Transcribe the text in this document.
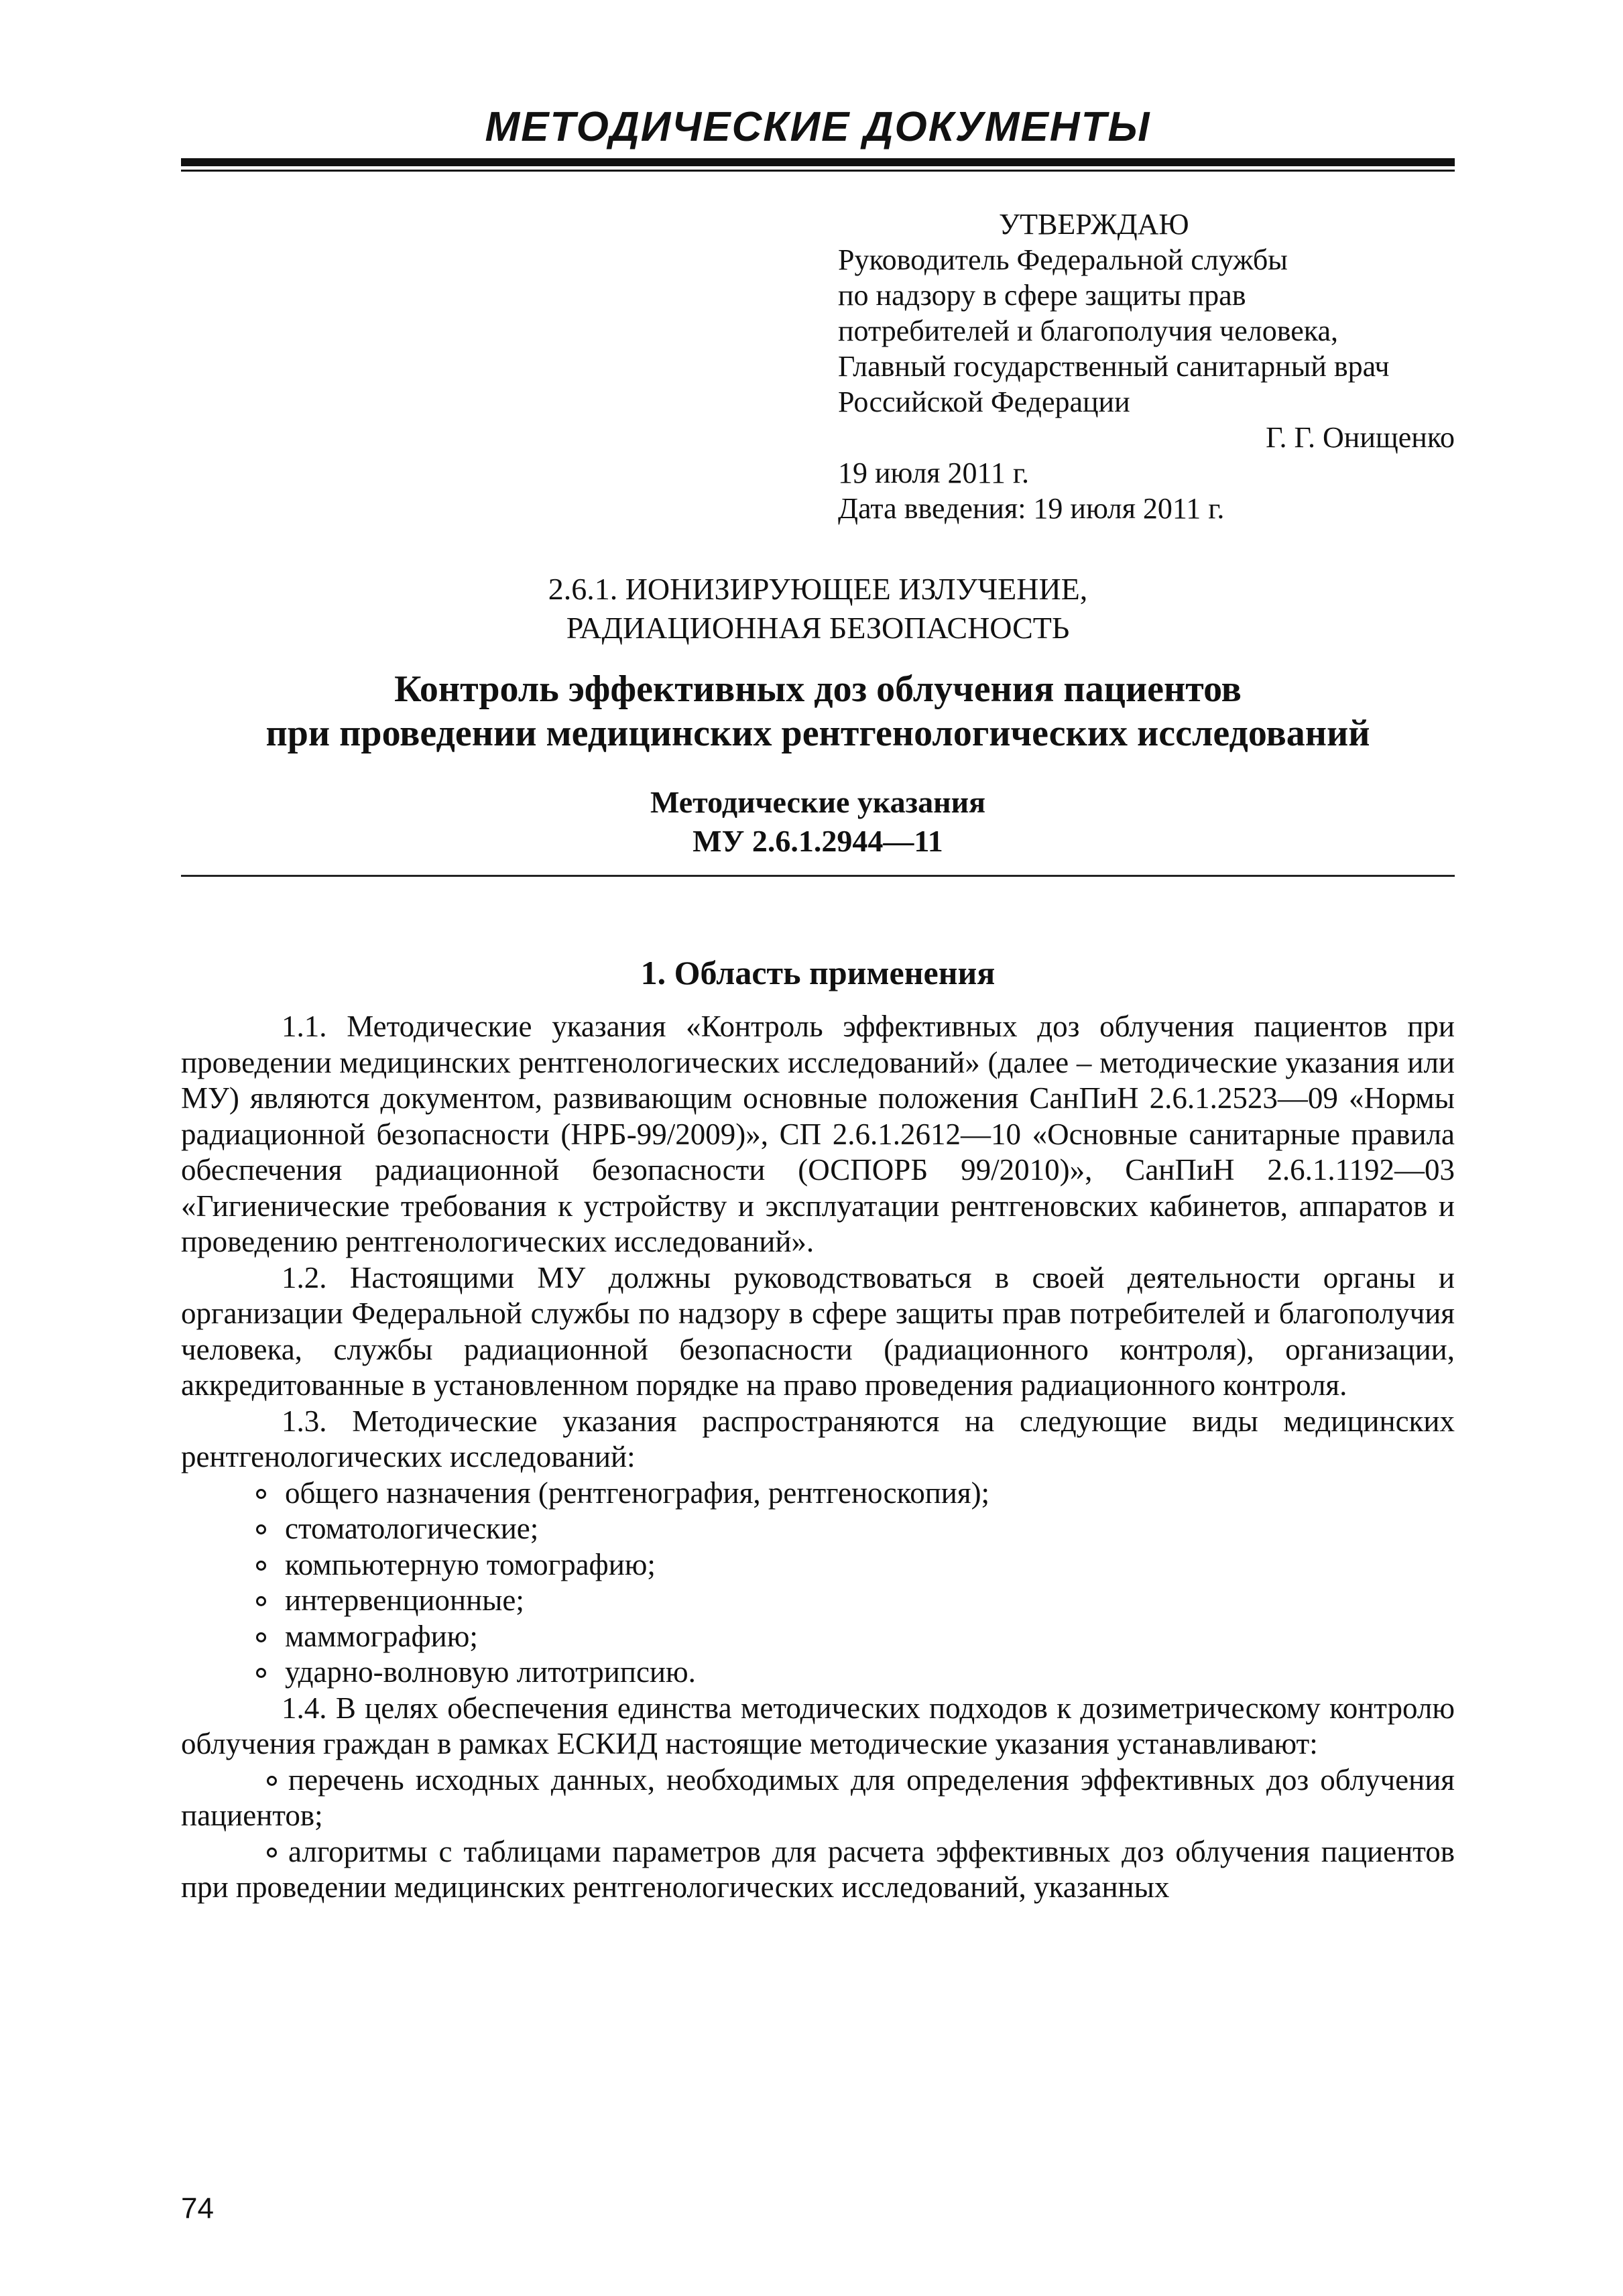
МЕТОДИЧЕСКИЕ ДОКУМЕНТЫ
УТВЕРЖДАЮ
Руководитель Федеральной службы
по надзору в сфере защиты прав
потребителей и благополучия человека,
Главный государственный санитарный врач
Российской Федерации
Г. Г. Онищенко
19 июля 2011 г.
Дата введения: 19 июля 2011 г.
2.6.1. ИОНИЗИРУЮЩЕЕ ИЗЛУЧЕНИЕ,
РАДИАЦИОННАЯ БЕЗОПАСНОСТЬ
Контроль эффективных доз облучения пациентов
при проведении медицинских рентгенологических исследований
Методические указания
МУ 2.6.1.2944—11
1. Область применения

1.1. Методические указания «Контроль эффективных доз облучения пациентов при проведении медицинских рентгенологических исследований» (далее – методические указания или МУ) являются документом, развивающим основные положения СанПиН 2.6.1.2523—09 «Нормы радиационной безопасности (НРБ-99/2009)», СП 2.6.1.2612—10 «Основные санитарные правила обеспечения радиационной безопасности (ОСПОРБ 99/2010)», СанПиН 2.6.1.1192—03 «Гигиенические требования к устройству и эксплуатации рентгеновских кабинетов, аппаратов и проведению рентгенологических исследований».

1.2. Настоящими МУ должны руководствоваться в своей деятельности органы и организации Федеральной службы по надзору в сфере защиты прав потребителей и благополучия человека, службы радиационной безопасности (радиационного контроля), организации, аккредитованные в установленном порядке на право проведения радиационного контроля.

1.3. Методические указания распространяются на следующие виды медицинских рентгенологических исследований:

общего назначения (рентгенография, рентгеноскопия);
стоматологические;
компьютерную томографию;
интервенционные;
маммографию;
ударно-волновую литотрипсию.

1.4. В целях обеспечения единства методических подходов к дозиметрическому контролю облучения граждан в рамках ЕСКИД настоящие методические указания устанавливают:

перечень исходных данных, необходимых для определения эффективных доз облучения пациентов;

алгоритмы с таблицами параметров для расчета эффективных доз облучения пациентов при проведении медицинских рентгенологических исследований, указанных

74
